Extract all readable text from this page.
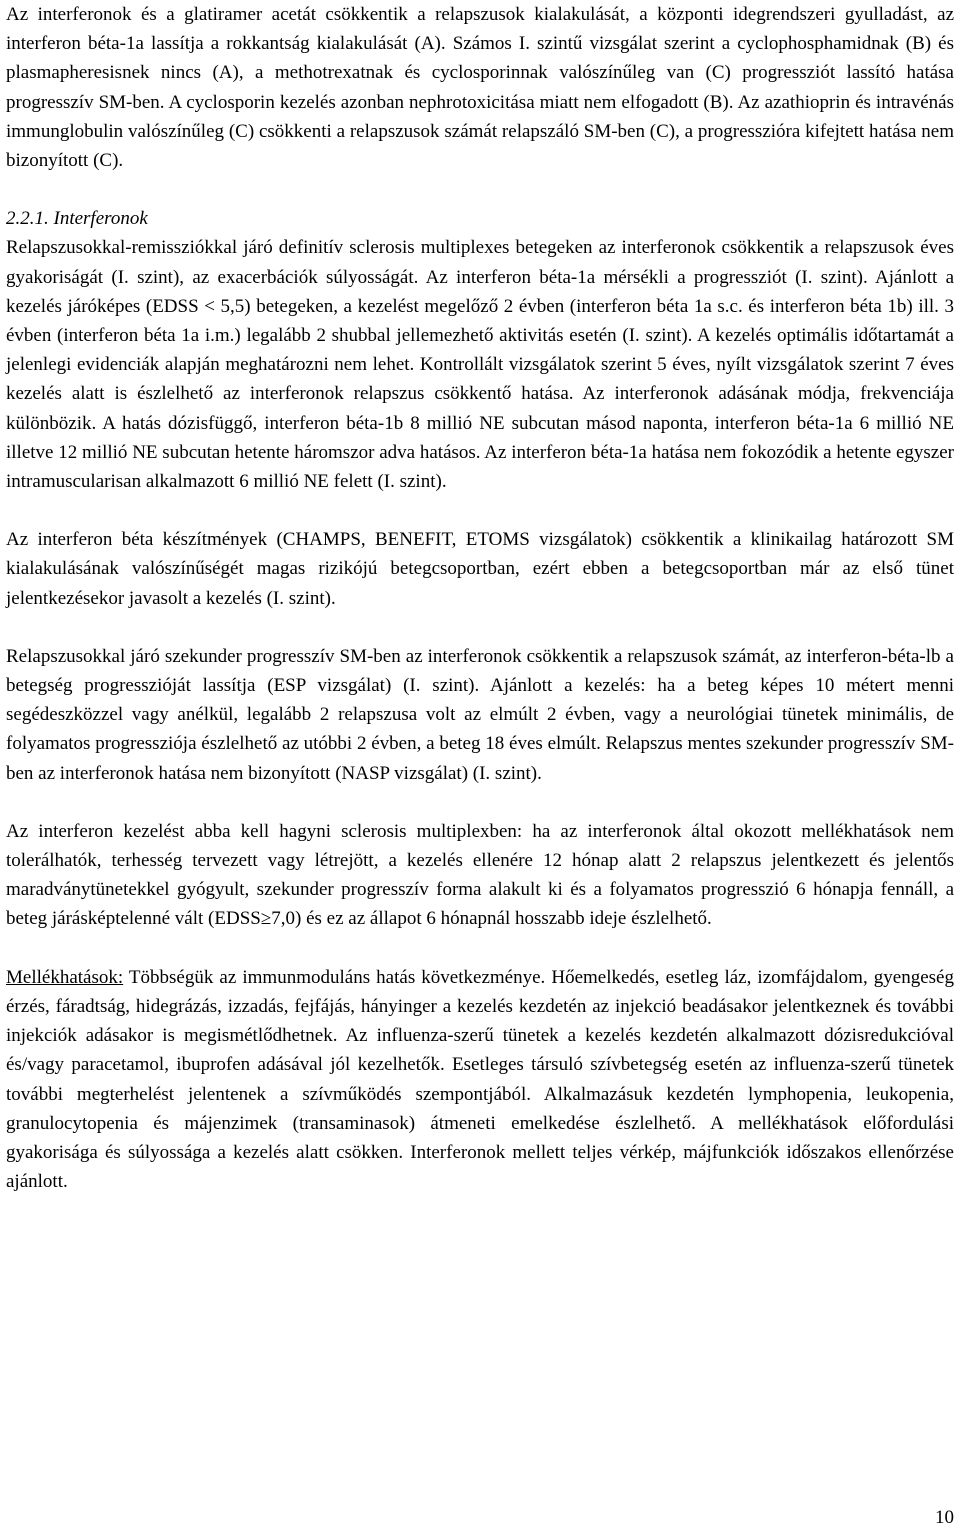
Az interferonok és a glatiramer acetát csökkentik a relapszusok kialakulását, a központi idegrendszeri gyulladást, az interferon béta-1a lassítja a rokkantság kialakulását (A). Számos I. szintű vizsgálat szerint a cyclophosphamidnak (B) és plasmapheresisnek nincs (A), a methotrexatnak és cyclosporinnak valószínűleg van (C) progressziót lassító hatása progresszív SM-ben. A cyclosporin kezelés azonban nephrotoxicitása miatt nem elfogadott (B). Az azathioprin és intravénás immunglobulin valószínűleg (C) csökkenti a relapszusok számát relapszáló SM-ben (C), a progresszióra kifejtett hatása nem bizonyított (C).

2.2.1. Interferonok

Relapszusokkal-remissziókkal járó definitív sclerosis multiplexes betegeken az interferonok csökkentik a relapszusok éves gyakoriságát (I. szint), az exacerbációk súlyosságát. Az interferon béta-1a mérsékli a progressziót (I. szint). Ajánlott a kezelés járóképes (EDSS < 5,5) betegeken, a kezelést megelőző 2 évben (interferon béta 1a s.c. és interferon béta 1b) ill. 3 évben (interferon béta 1a i.m.) legalább 2 shubbal jellemezhető aktivitás esetén (I. szint). A kezelés optimális időtartamát a jelenlegi evidenciák alapján meghatározni nem lehet. Kontrollált vizsgálatok szerint 5 éves, nyílt vizsgálatok szerint 7 éves kezelés alatt is észlelhető az interferonok relapszus csökkentő hatása. Az interferonok adásának módja, frekvenciája különbözik. A hatás dózisfüggő, interferon béta-1b 8 millió NE subcutan másod naponta, interferon béta-1a 6 millió NE illetve 12 millió NE subcutan hetente háromszor adva hatásos. Az interferon béta-1a hatása nem fokozódik a hetente egyszer intramuscularisan alkalmazott 6 millió NE felett (I. szint).

Az interferon béta készítmények (CHAMPS, BENEFIT, ETOMS vizsgálatok) csökkentik a klinikailag határozott SM kialakulásának valószínűségét magas rizikójú betegcsoportban, ezért ebben a betegcsoportban már az első tünet jelentkezésekor javasolt a kezelés (I. szint).

Relapszusokkal járó szekunder progresszív SM-ben az interferonok csökkentik a relapszusok számát, az interferon-béta-lb a betegség progresszióját lassítja (ESP vizsgálat) (I. szint). Ajánlott a kezelés: ha a beteg képes 10 métert menni segédeszközzel vagy anélkül, legalább 2 relapszusa volt az elmúlt 2 évben, vagy a neurológiai tünetek minimális, de folyamatos progressziója észlelhető az utóbbi 2 évben, a beteg 18 éves elmúlt. Relapszus mentes szekunder progresszív SM-ben az interferonok hatása nem bizonyított (NASP vizsgálat) (I. szint).

Az interferon kezelést abba kell hagyni sclerosis multiplexben: ha az interferonok által okozott mellékhatások nem tolerálhatók, terhesség tervezett vagy létrejött, a kezelés ellenére 12 hónap alatt 2 relapszus jelentkezett és jelentős maradványtünetekkel gyógyult, szekunder progresszív forma alakult ki és a folyamatos progresszió 6 hónapja fennáll, a beteg járásképtelenné vált (EDSS≥7,0) és ez az állapot 6 hónapnál hosszabb ideje észlelhető.

Mellékhatások: Többségük az immunmoduláns hatás következménye. Hőemelkedés, esetleg láz, izomfájdalom, gyengeség érzés, fáradtság, hidegrázás, izzadás, fejfájás, hányinger a kezelés kezdetén az injekció beadásakor jelentkeznek és további injekciók adásakor is megismétlődhetnek. Az influenza-szerű tünetek a kezelés kezdetén alkalmazott dózisredukcióval és/vagy paracetamol, ibuprofen adásával jól kezelhetők. Esetleges társuló szívbetegség esetén az influenza-szerű tünetek további megterhelést jelentenek a szívműködés szempontjából. Alkalmazásuk kezdetén lymphopenia, leukopenia, granulocytopenia és májenzimek (transaminasok) átmeneti emelkedése észlelhető. A mellékhatások előfordulási gyakorisága és súlyossága a kezelés alatt csökken. Interferonok mellett teljes vérkép, májfunkciók időszakos ellenőrzése ajánlott.

10
